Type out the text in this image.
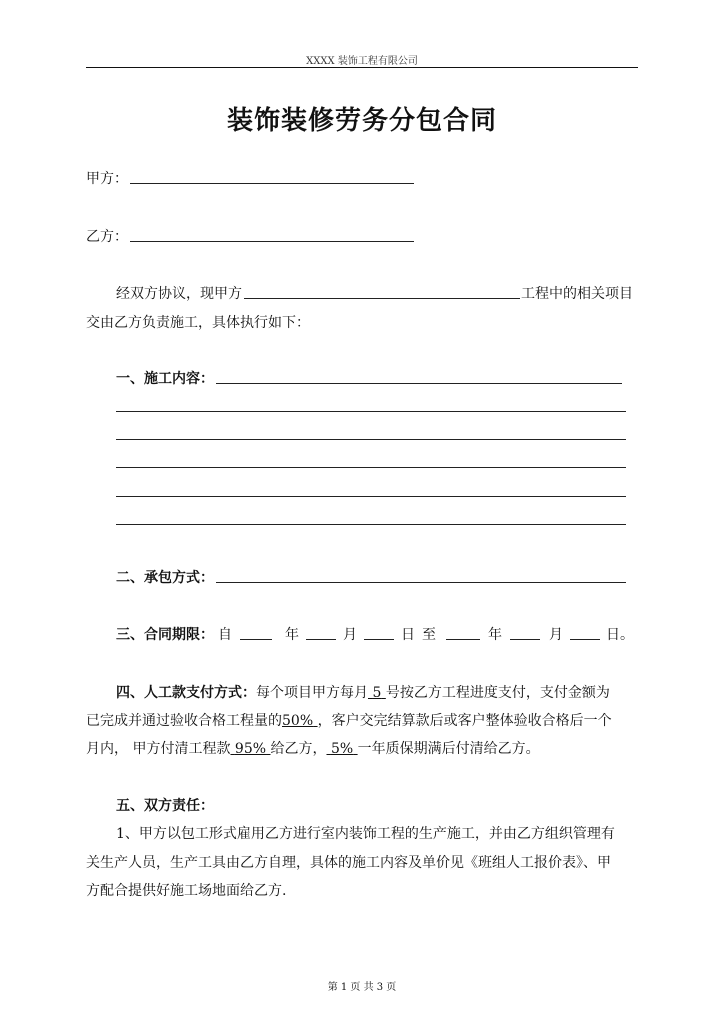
XXXX 装饰工程有限公司
装饰装修劳务分包合同
甲方：
乙方：
经双方协议，现甲方	工程中的相关项目
交由乙方负责施工，具体执行如下：
一、施工内容：
二、承包方式：
三、合同期限： 自	年	月	日 至	年	月	日。
四、人工款支付方式：每个项目甲方每月 5 号按乙方工程进度支付，支付金额为
已完成并通过验收合格工程量的50% ，客户交完结算款后或客户整体验收合格后一个
月内， 甲方付清工程款 95% 给乙方， 5% 一年质保期满后付清给乙方。
五、双方责任：
1、甲方以包工形式雇用乙方进行室内装饰工程的生产施工，并由乙方组织管理有
关生产人员，生产工具由乙方自理，具体的施工内容及单价见《班组人工报价表》、甲
方配合提供好施工场地面给乙方.
第 1 页 共 3 页
